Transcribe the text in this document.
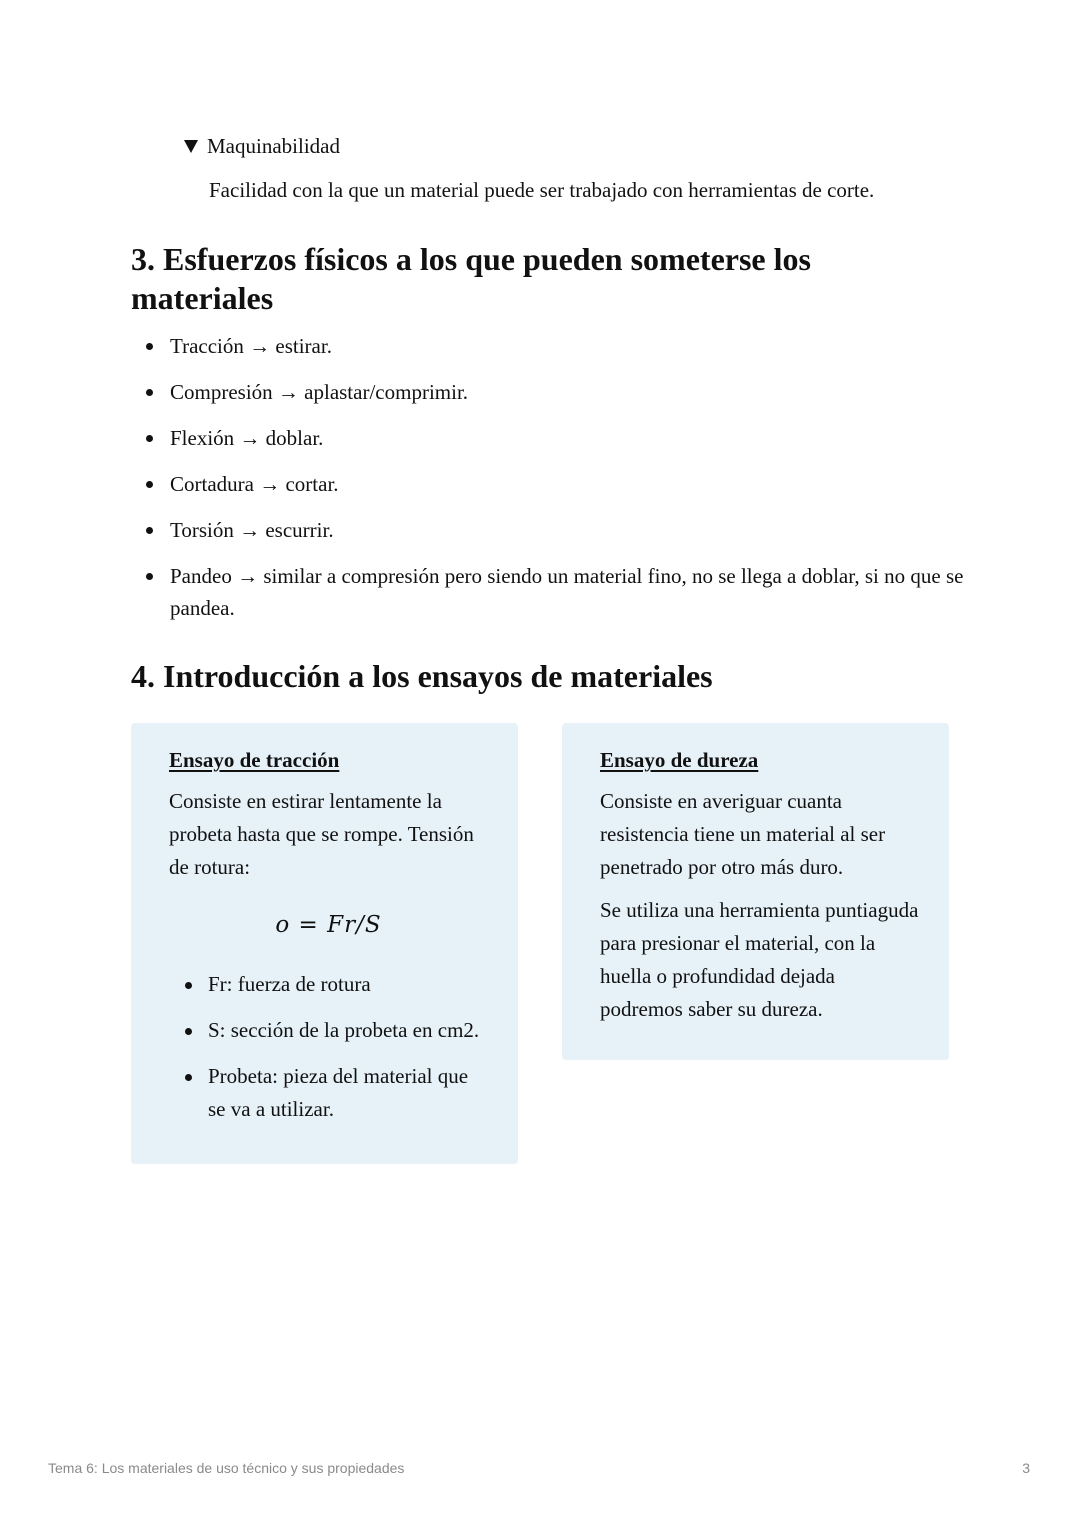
Maquinabilidad
Facilidad con la que un material puede ser trabajado con herramientas de corte.
3. Esfuerzos físicos a los que pueden someterse los materiales
Tracción → estirar.
Compresión → aplastar/comprimir.
Flexión → doblar.
Cortadura → cortar.
Torsión → escurrir.
Pandeo → similar a compresión pero siendo un material fino, no se llega a doblar, si no que se pandea.
4. Introducción a los ensayos de materiales
Ensayo de tracción

Consiste en estirar lentamente la probeta hasta que se rompe. Tensión de rotura:

o = Fr/S
Fr: fuerza de rotura
S: sección de la probeta en cm2.
Probeta: pieza del material que se va a utilizar.
Ensayo de dureza

Consiste en averiguar cuanta resistencia tiene un material al ser penetrado por otro más duro.

Se utiliza una herramienta puntiaguda para presionar el material, con la huella o profundidad dejada podremos saber su dureza.

Tema 6: Los materiales de uso técnico y sus propiedades	3
